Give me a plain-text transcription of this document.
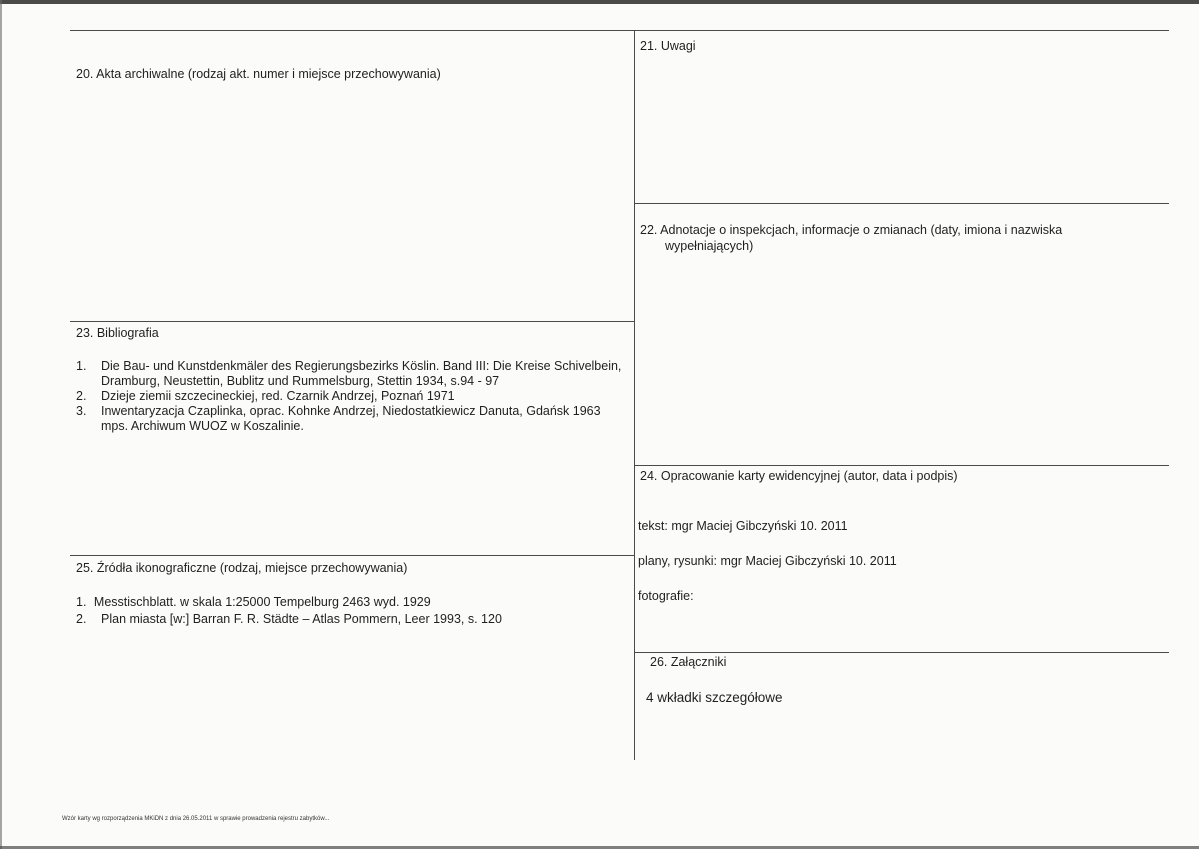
20. Akta archiwalne (rodzaj akt. numer i miejsce przechowywania)
23. Bibliografia
1. Die Bau- und Kunstdenkmäler des Regierungsbezirks Köslin. Band III: Die Kreise Schivelbein,
Dramburg, Neustettin, Bublitz und Rummelsburg, Stettin 1934, s.94 - 97
2. Dzieje ziemii szczecineckiej, red. Czarnik Andrzej, Poznań 1971
3. Inwentaryzacja Czaplinka, oprac. Kohnke Andrzej, Niedostatkiewicz Danuta, Gdańsk 1963
mps. Archiwum WUOZ w Koszalinie.
25. Źródła ikonograficzne (rodzaj, miejsce przechowywania)
1. Messtischblatt. w skala 1:25000 Tempelburg 2463 wyd. 1929
2. Plan miasta [w:] Barran F. R. Städte – Atlas Pommern, Leer 1993, s. 120
21. Uwagi
22. Adnotacje o inspekcjach, informacje o zmianach (daty, imiona i nazwiska
wypełniających)
24. Opracowanie karty ewidencyjnej (autor, data i podpis)
tekst: mgr Maciej Gibczyński 10. 2011
plany, rysunki: mgr Maciej Gibczyński 10. 2011
fotografie:
26. Załączniki
4 wkładki szczegółowe
Wzór karty wg rozporządzenia MKiDN z dnia 26.05.2011 w sprawie prowadzenia rejestru zabytków...
